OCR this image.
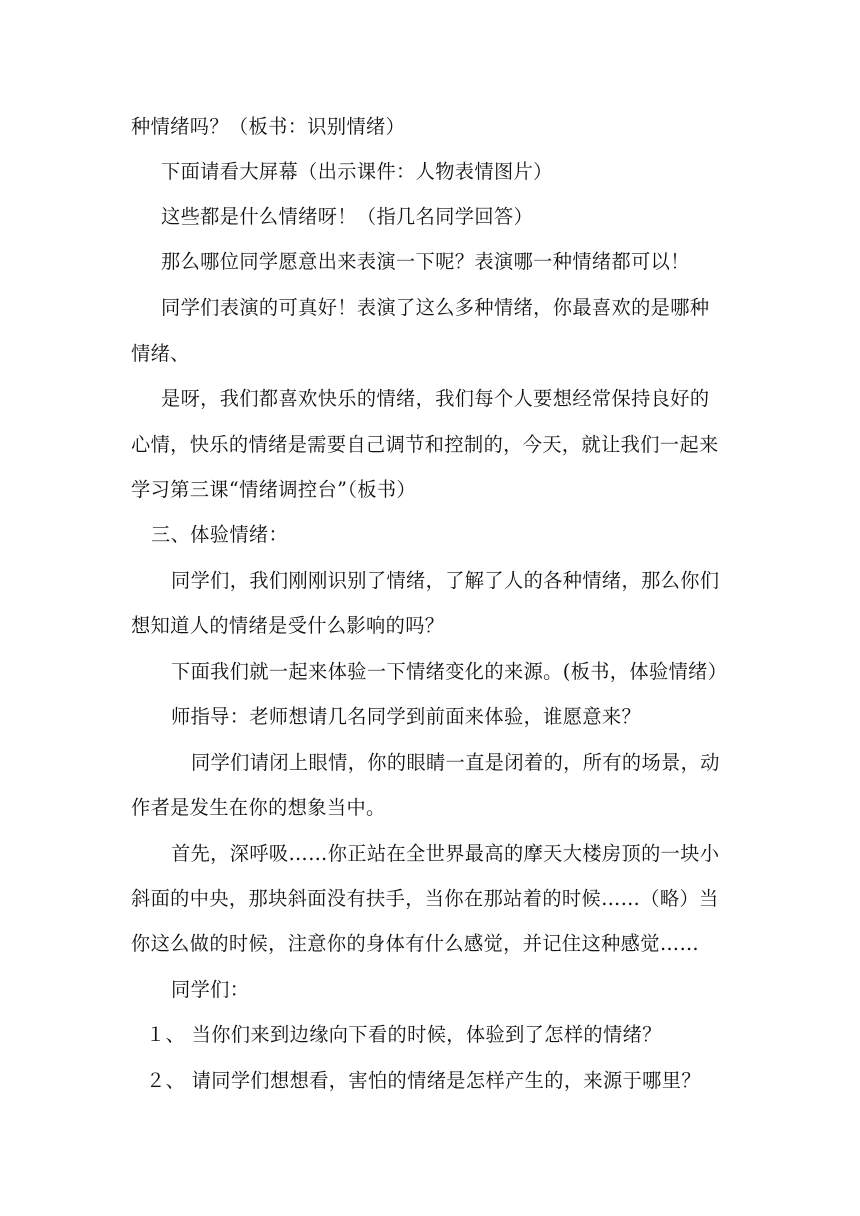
种情绪吗？（板书：识别情绪）
下面请看大屏幕（出示课件：人物表情图片）
这些都是什么情绪呀！（指几名同学回答）
那么哪位同学愿意出来表演一下呢？表演哪一种情绪都可以！
同学们表演的可真好！表演了这么多种情绪，你最喜欢的是哪种
情绪、
是呀，我们都喜欢快乐的情绪，我们每个人要想经常保持良好的
心情，快乐的情绪是需要自己调节和控制的，今天，就让我们一起来
学习第三课“情绪调控台”（板书）
三、体验情绪：
同学们，我们刚刚识别了情绪，了解了人的各种情绪，那么你们
想知道人的情绪是受什么影响的吗？
下面我们就一起来体验一下情绪变化的来源。(板书，体验情绪）
师指导：老师想请几名同学到前面来体验，谁愿意来？
同学们请闭上眼情，你的眼睛一直是闭着的，所有的场景，动
作者是发生在你的想象当中。
首先，深呼吸……你正站在全世界最高的摩天大楼房顶的一块小
斜面的中央，那块斜面没有扶手，当你在那站着的时候……（略）当
你这么做的时候，注意你的身体有什么感觉，并记住这种感觉……
同学们：
１、 当你们来到边缘向下看的时候，体验到了怎样的情绪？
２、 请同学们想想看，害怕的情绪是怎样产生的，来源于哪里？
